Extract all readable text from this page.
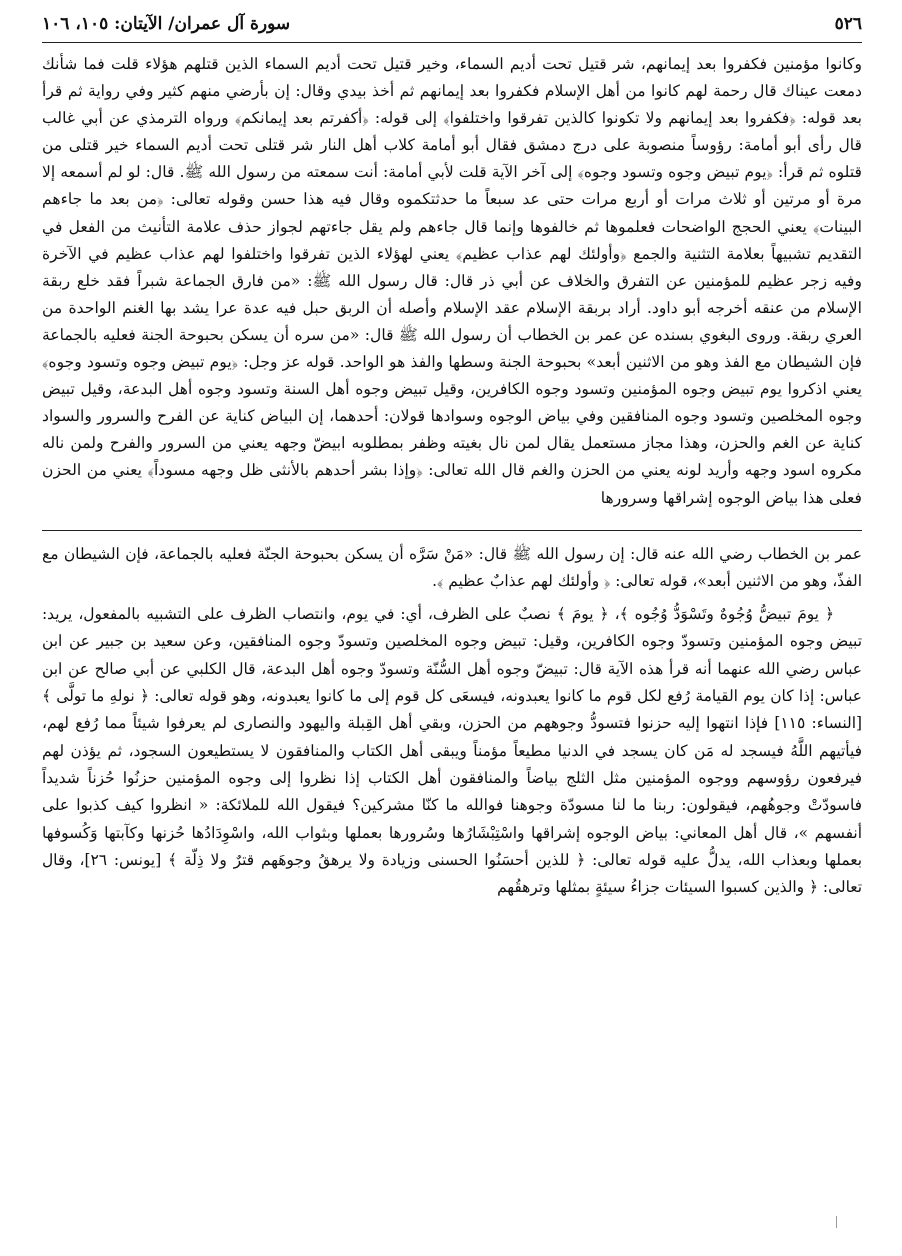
٥٢٦
سورة آل عمران/ الآيتان: ١٠٥، ١٠٦

وكانوا مؤمنين فكفروا بعد إيمانهم، شر قتيل تحت أديم السماء، وخير قتيل تحت أديم السماء الذين قتلهم هؤلاء قلت فما شأنك دمعت عيناك قال رحمة لهم كانوا من أهل الإسلام فكفروا بعد إيمانهم ثم أخذ بيدي وقال: إن بأرضي منهم كثير وفي رواية ثم قرأ بعد قوله: ﴿فكفروا بعد إيمانهم ولا تكونوا كالذين تفرقوا واختلفوا﴾ إلى قوله: ﴿أكفرتم بعد إيمانكم﴾ ورواه الترمذي عن أبي غالب قال رأى أبو أمامة: رؤوساً منصوبة على درج دمشق فقال أبو أمامة كلاب أهل النار شر قتلى تحت أديم السماء خير قتلى من قتلوه ثم قرأ: ﴿يوم تبيض وجوه وتسود وجوه﴾ إلى آخر الآية قلت لأبي أمامة: أنت سمعته من رسول الله ﷺ. قال: لو لم أسمعه إلا مرة أو مرتين أو ثلاث مرات أو أربع مرات حتى عد سبعاً ما حدثتكموه وقال فيه هذا حسن وقوله تعالى: ﴿من بعد ما جاءهم البينات﴾ يعني الحجج الواضحات فعلموها ثم خالفوها وإنما قال جاءهم ولم يقل جاءتهم لجواز حذف علامة التأنيث من الفعل في التقديم تشبيهاً بعلامة التثنية والجمع ﴿وأولئك لهم عذاب عظيم﴾ يعني لهؤلاء الذين تفرقوا واختلفوا لهم عذاب عظيم في الآخرة وفيه زجر عظيم للمؤمنين عن التفرق والخلاف عن أبي ذر قال: قال رسول الله ﷺ: «من فارق الجماعة شبراً فقد خلع ربقة الإسلام من عنقه أخرجه أبو داود. أراد بربقة الإسلام عقد الإسلام وأصله أن الربق حبل فيه عدة عرا يشد بها الغنم الواحدة من العري ربقة. وروى البغوي بسنده عن عمر بن الخطاب أن رسول الله ﷺ قال: «من سره أن يسكن بحبوحة الجنة فعليه بالجماعة فإن الشيطان مع الفذ وهو من الاثنين أبعد» بحبوحة الجنة وسطها والفذ هو الواحد. قوله عز وجل: ﴿يوم تبيض وجوه وتسود وجوه﴾ يعني اذكروا يوم تبيض وجوه المؤمنين وتسود وجوه الكافرين، وقيل تبيض وجوه أهل السنة وتسود وجوه أهل البدعة، وقيل تبيض وجوه المخلصين وتسود وجوه المنافقين وفي بياض الوجوه وسوادها قولان: أحدهما، إن البياض كناية عن الفرح والسرور والسواد كناية عن الغم والحزن، وهذا مجاز مستعمل يقال لمن نال بغيته وظفر بمطلوبه ابيضّ وجهه يعني من السرور والفرح ولمن ناله مكروه اسود وجهه وأريد لونه يعني من الحزن والغم قال الله تعالى: ﴿وإذا بشر أحدهم بالأنثى ظل وجهه مسوداً﴾ يعني من الحزن فعلى هذا بياض الوجوه إشراقها وسرورها

عمر بن الخطاب رضي الله عنه قال: إن رسول الله ﷺ قال: «مَنْ سَرَّه أن يسكن بحبوحة الجنّة فعليه بالجماعة، فإن الشيطان مع الفذّ، وهو من الاثنين أبعد»، قوله تعالى: ﴿ وأولئك لهم عذابٌ عظيم ﴾.

﴿ يومَ تبيضُّ وُجُوهٌ وتَسْوَدُّ وُجُوه ﴾، ﴿ يومَ ﴾ نصبٌ على الظرف، أي: في يوم، وانتصاب الظرف على التشبيه بالمفعول، يريد: تبيض وجوه المؤمنين وتسودّ وجوه الكافرين، وقيل: تبيض وجوه المخلصين وتسودّ وجوه المنافقين، وعن سعيد بن جبير عن ابن عباس رضي الله عنهما أنه قرأ هذه الآية قال: تبيضّ وجوه أهل السُّنّة وتسودّ وجوه أهل البدعة، قال الكلبي عن أبي صالح عن ابن عباس: إذا كان يوم القيامة رُفع لكل قوم ما كانوا يعبدونه، فيسعَى كل قوم إلى ما كانوا يعبدونه، وهو قوله تعالى: ﴿ نولهِ ما تولَّى ﴾ [النساء: ١١٥] فإذا انتهوا إليه حزنوا فتسودُّ وجوههم من الحزن، وبقي أهل القِبلة واليهود والنصارى لم يعرفوا شيئاً مما رُفع لهم، فيأتيهم اللَّهُ فيسجد له مَن كان يسجد في الدنيا مطيعاً مؤمناً ويبقى أهل الكتاب والمنافقون لا يستطيعون السجود، ثم يؤذن لهم فيرفعون رؤوسهم ووجوه المؤمنين مثل الثلج بياضاً والمنافقون أهل الكتاب إذا نظروا إلى وجوه المؤمنين حزنُوا حُزناً شديداً فاسودّتْ وجوهُهم، فيقولون: ربنا ما لنا مسودّة وجوهنا فوالله ما كنّا مشركين؟ فيقول الله للملائكة: « انظروا كيف كذبوا على أنفسهم »، قال أهل المعاني: بياض الوجوه إشراقها واسْتِبْشَارُها وسُرورها بعملها وبثواب الله، واسْوِدَادُها حُزنها وكآبتها وَكُسوفها بعملها وبعذاب الله، يدلُّ عليه قوله تعالى: ﴿ للذين أحسَنُوا الحسنى وزيادة ولا يرهقُ وجوهَهم قترٌ ولا ذِلّة ﴾ [يونس: ٢٦]، وقال تعالى: ﴿ والذين كسبوا السيئات جزاءُ سيئةٍ بمثلها وترهقُهم
